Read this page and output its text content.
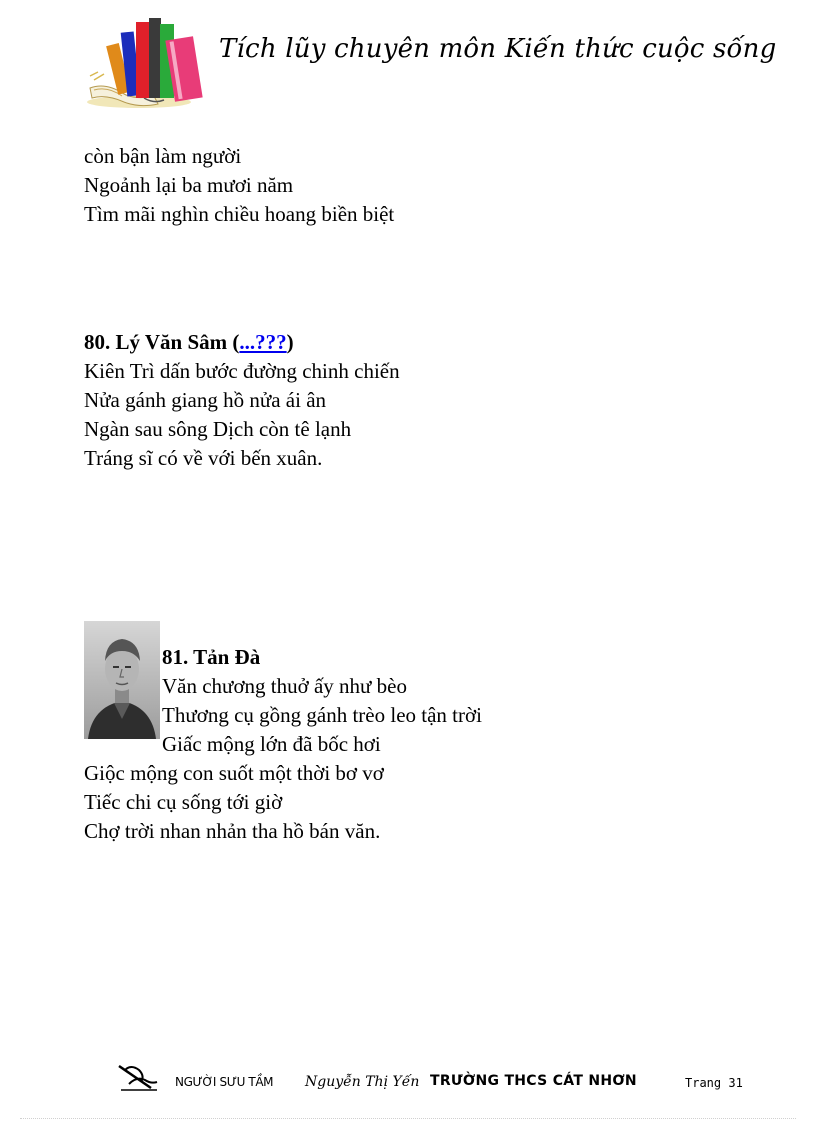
Tích lũy chuyên môn Kiến thức cuộc sống
còn bận làm người
Ngoảnh lại ba mươi năm
Tìm mãi nghìn chiều hoang biền biệt
80. Lý Văn Sâm (...???)
Kiên Trì dấn bước đường chinh chiến
Nửa gánh giang hồ nửa ái ân
Ngàn sau sông Dịch còn tê lạnh
Tráng sĩ có về với bến xuân.
81. Tản Đà
Văn chương thuở ấy như bèo
Thương cụ gồng gánh trèo leo tận trời
Giấc mộng lớn đã bốc hơi
Giộc mộng con suốt một thời bơ vơ
Tiếc chi cụ sống tới giờ
Chợ trời nhan nhản tha hồ bán văn.
NGƯỜI SƯU TẦM Nguyễn Thị Yến TRƯỜNG THCS CÁT NHƠN	Trang 31
